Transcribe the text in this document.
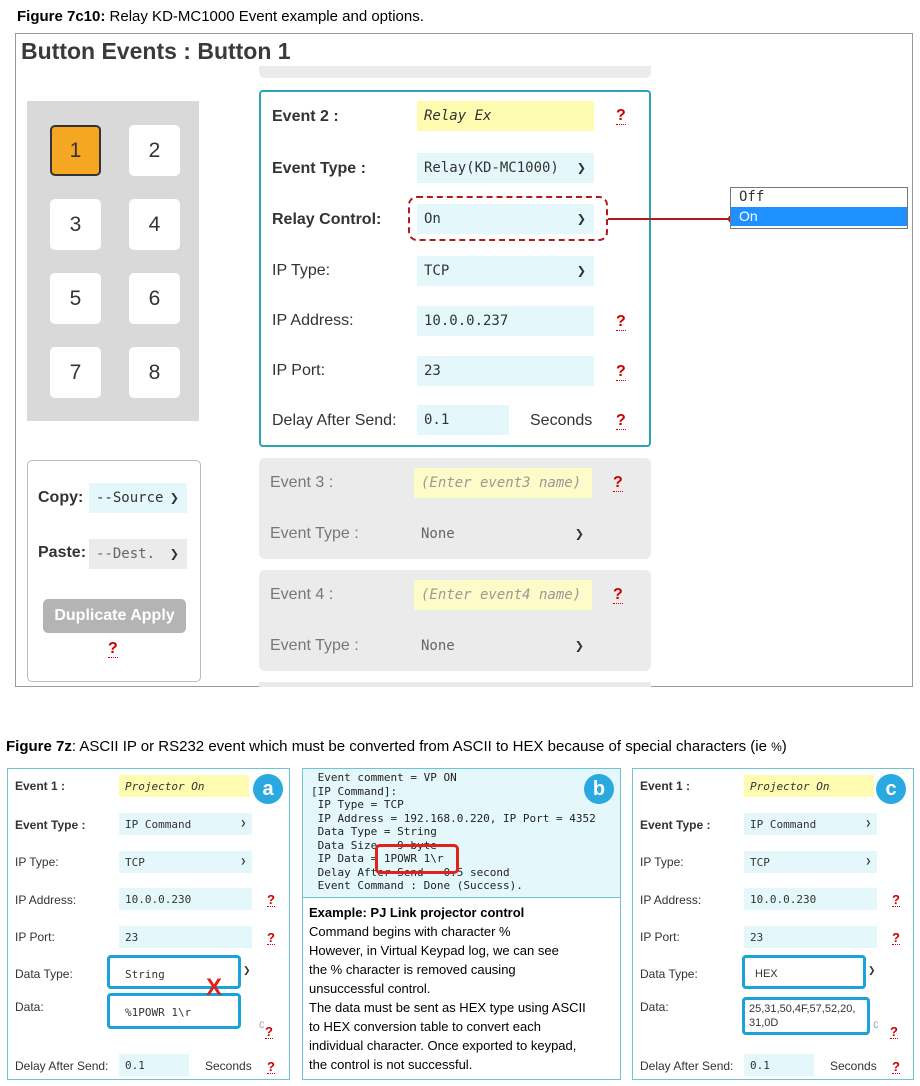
Figure 7c10: Relay KD-MC1000 Event example and options.
Button Events : Button 1
1	2
3	4
5	6
7	8
Copy: --Source ❯
Paste: --Dest. ❯
Duplicate Apply
?
Event 2 :	Relay Ex	?
Event Type :	Relay(KD-MC1000) ❯
Relay Control:	On	❯
IP Type:	TCP	❯
IP Address:	10.0.0.237	?
IP Port:	23	?
Delay After Send:	0.1	Seconds ?
Off
On
Event 3 :	(Enter event3 name)	?
Event Type :	None	❯
Event 4 :	(Enter event4 name)	?
Event Type :	None	❯
Figure 7z: ASCII IP or RS232 event which must be converted from ASCII to HEX because of special characters (ie %)
a
Event 1 :	Projector On
Event Type :	IP Command	❯
IP Type:	TCP	❯
IP Address:	10.0.0.230	?
IP Port:	23	?
Data Type:	String	❯
Data:	%1POWR 1\r
X
∁ ?
Delay After Send:	0.1	Seconds ?
Event comment = VP ON
[IP Command]:
IP Type = TCP
IP Address = 192.168.0.220, IP Port = 4352
Data Type = String
Data Size = 9 byte
IP Data = 1POWR 1\r
Delay After Send = 0.5 second
Event Command : Done (Success).
b
Example: PJ Link projector control
Command begins with character %
However, in Virtual Keypad log, we can see
the % character is removed causing
unsuccessful control.
The data must be sent as HEX type using ASCII
to HEX conversion table to convert each
individual character. Once exported to keypad,
the control is not successful.
c
Event 1 :	Projector On
Event Type :	IP Command	❯
IP Type:	TCP	❯
IP Address:	10.0.0.230	?
IP Port:	23	?
Data Type:	HEX	❯
Data:	25,31,50,4F,57,52,20,
31,0D	∁ ?
Delay After Send:	0.1	Seconds ?
